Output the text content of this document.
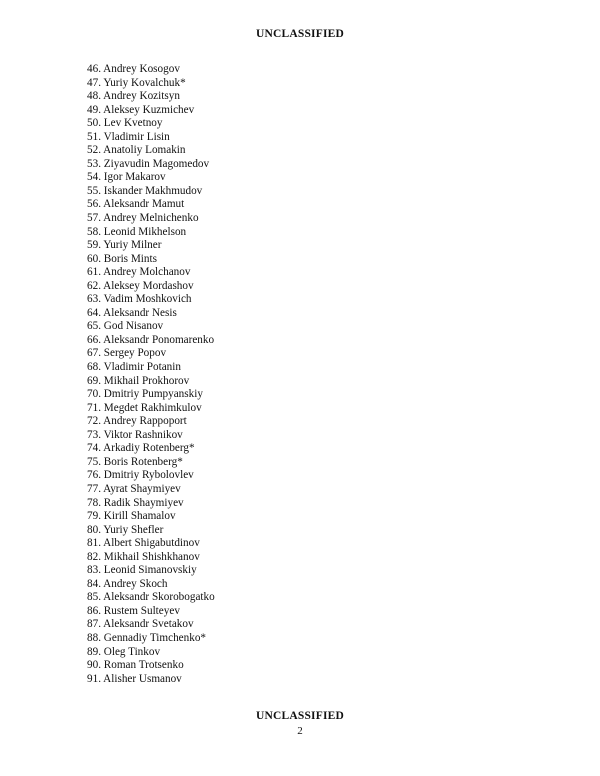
UNCLASSIFIED
46. Andrey Kosogov
47. Yuriy Kovalchuk*
48. Andrey Kozitsyn
49. Aleksey Kuzmichev
50. Lev Kvetnoy
51. Vladimir Lisin
52. Anatoliy Lomakin
53. Ziyavudin Magomedov
54. Igor Makarov
55. Iskander Makhmudov
56. Aleksandr Mamut
57. Andrey Melnichenko
58. Leonid Mikhelson
59. Yuriy Milner
60. Boris Mints
61. Andrey Molchanov
62. Aleksey Mordashov
63. Vadim Moshkovich
64. Aleksandr Nesis
65. God Nisanov
66. Aleksandr Ponomarenko
67. Sergey Popov
68. Vladimir Potanin
69. Mikhail Prokhorov
70. Dmitriy Pumpyanskiy
71. Megdet Rakhimkulov
72. Andrey Rappoport
73. Viktor Rashnikov
74. Arkadiy Rotenberg*
75. Boris Rotenberg*
76. Dmitriy Rybolovlev
77. Ayrat Shaymiyev
78. Radik Shaymiyev
79. Kirill Shamalov
80. Yuriy Shefler
81. Albert Shigabutdinov
82. Mikhail Shishkhanov
83. Leonid Simanovskiy
84. Andrey Skoch
85. Aleksandr Skorobogatko
86. Rustem Sulteyev
87. Aleksandr Svetakov
88. Gennadiy Timchenko*
89. Oleg Tinkov
90. Roman Trotsenko
91. Alisher Usmanov
UNCLASSIFIED
2
